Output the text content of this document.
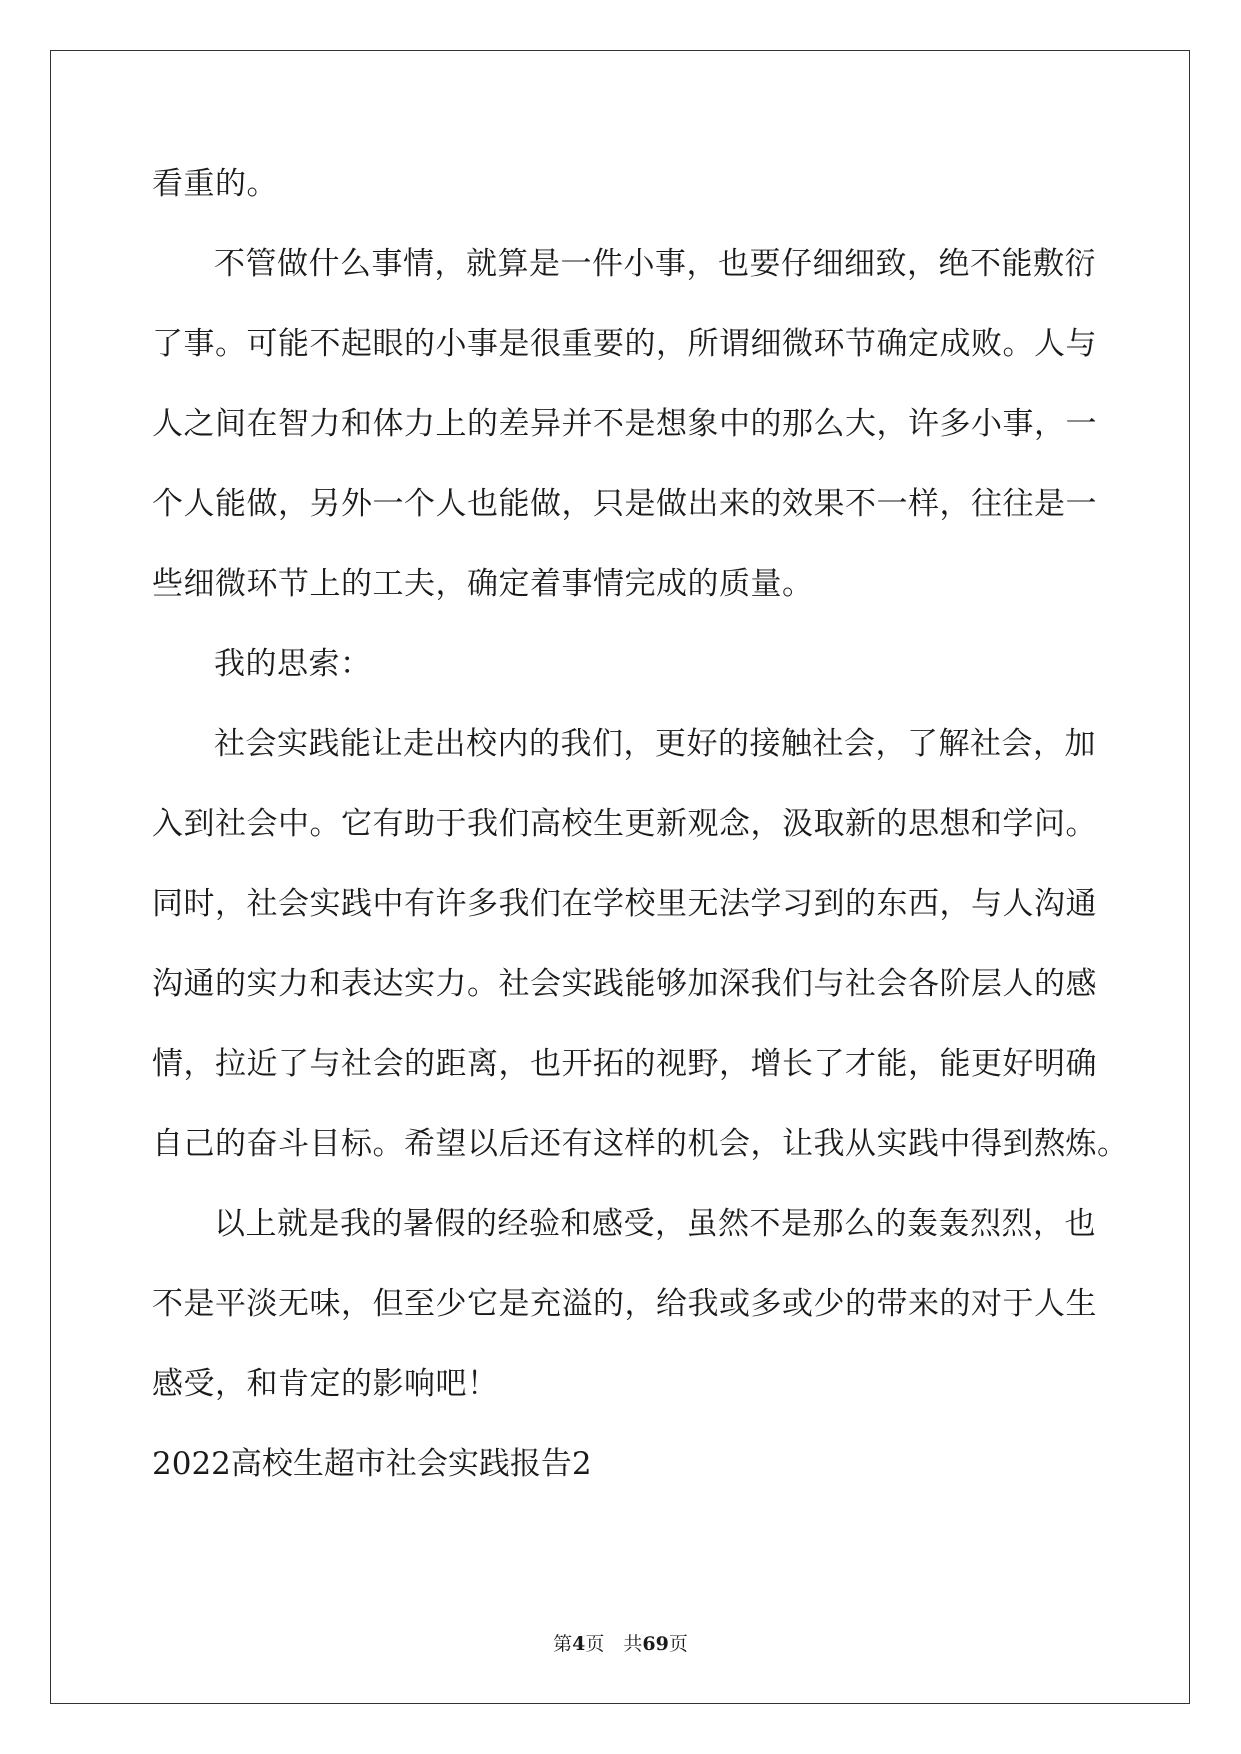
看重的。
不管做什么事情，就算是一件小事，也要仔细细致，绝不能敷衍
了事。可能不起眼的小事是很重要的，所谓细微环节确定成败。人与
人之间在智力和体力上的差异并不是想象中的那么大，许多小事，一
个人能做，另外一个人也能做，只是做出来的效果不一样，往往是一
些细微环节上的工夫，确定着事情完成的质量。
我的思索：
社会实践能让走出校内的我们，更好的接触社会，了解社会，加
入到社会中。它有助于我们高校生更新观念，汲取新的思想和学问。
同时，社会实践中有许多我们在学校里无法学习到的东西，与人沟通
沟通的实力和表达实力。社会实践能够加深我们与社会各阶层人的感
情，拉近了与社会的距离，也开拓的视野，增长了才能，能更好明确
自己的奋斗目标。希望以后还有这样的机会，让我从实践中得到熬炼。
以上就是我的暑假的经验和感受，虽然不是那么的轰轰烈烈，也
不是平淡无味，但至少它是充溢的，给我或多或少的带来的对于人生
感受，和肯定的影响吧！
2022高校生超市社会实践报告2
第4页　共69页
